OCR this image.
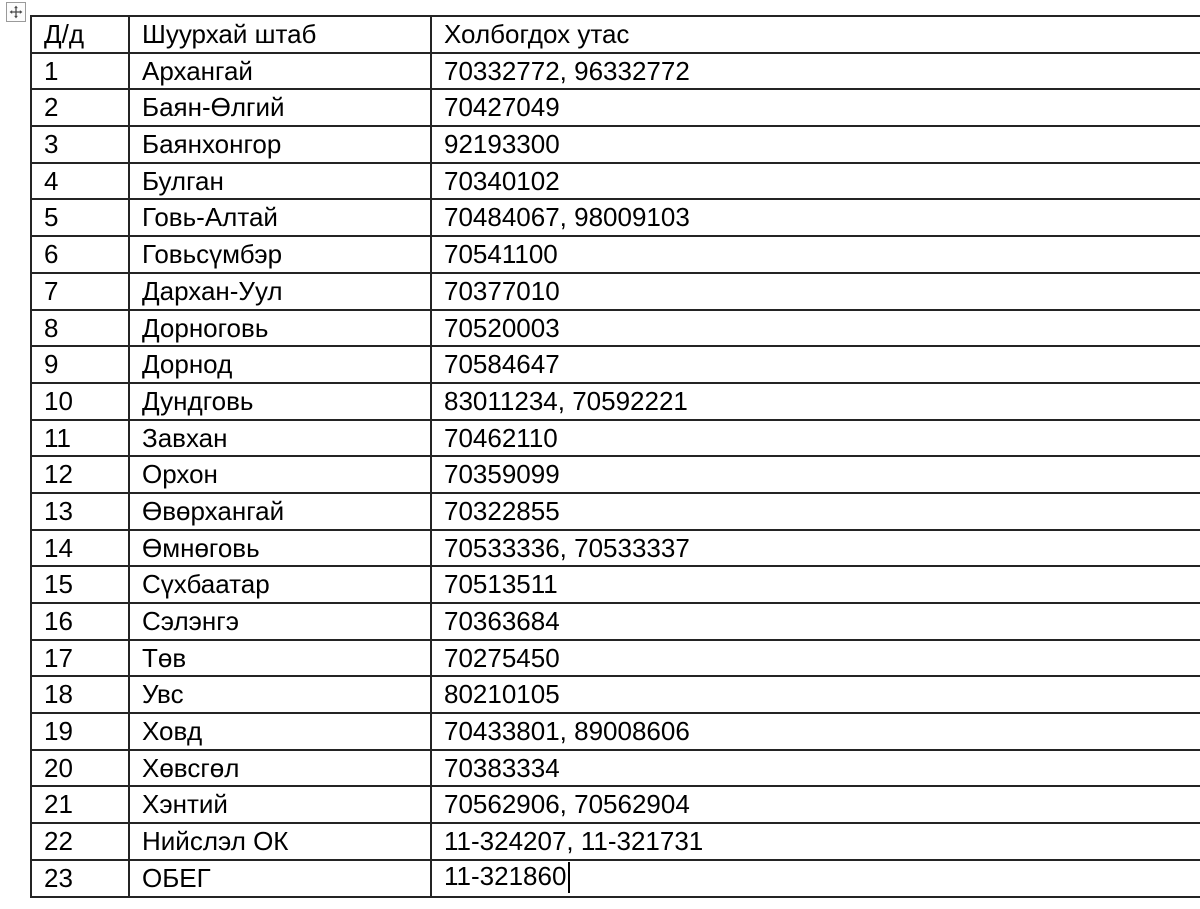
Д/д	Шуурхай штаб	Холбогдох утас
1	Архангай	70332772, 96332772
2	Баян-Өлгий	70427049
3	Баянхонгор	92193300
4	Булган	70340102
5	Говь-Алтай	70484067, 98009103
6	Говьсүмбэр	70541100
7	Дархан-Уул	70377010
8	Дорноговь	70520003
9	Дорнод	70584647
10	Дундговь	83011234, 70592221
11	Завхан	70462110
12	Орхон	70359099
13	Өвөрхангай	70322855
14	Өмнөговь	70533336, 70533337
15	Сүхбаатар	70513511
16	Сэлэнгэ	70363684
17	Төв	70275450
18	Увс	80210105
19	Ховд	70433801, 89008606
20	Хөвсгөл	70383334
21	Хэнтий	70562906, 70562904
22	Нийслэл ОК	11-324207, 11-321731
23	ОБЕГ	11-321860
